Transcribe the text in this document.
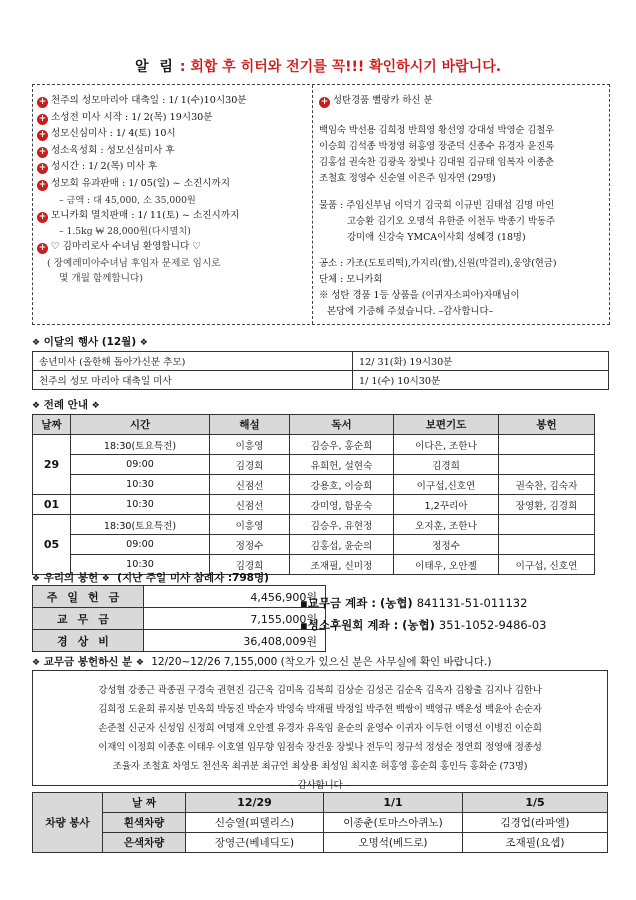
알 림 : 회합 후 히터와 전기를 꼭!!! 확인하시기 바랍니다.
+ 천주의 성모마리아 대축일 : 1/ 1(수)10시30분
+ 소성전 미사 시작 : 1/ 2(목) 19시30분
+ 성모신심미사 : 1/ 4(토) 10시
+ 성소육성회 : 성모신심미사 후
+ 성시간 : 1/ 2(목) 미사 후
+ 성모회 유과판매 : 1/ 05(일) ~ 소진시까지
– 금액 : 대 45,000, 소 35,000원
+ 모니카회 멸치판매 : 1/ 11(토) ~ 소진시까지
– 1.5kg ₩ 28,000원(다시멸치)
+ ♡ 김마리로사 수녀님 환영합니다 ♡
( 장예레미아수녀님 후임자 문제로 임시로
몇 개월 함께합니다)
+ 성탄경품 뻘랑카 하신 분
백임숙 박선용 김희정 반희영 황선영 강대성 박영순 김철우
이승희 김석종 박정영 허홍영 장준덕 신종수 유경자 윤진록
김홍섭 권숙찬 김광욱 장빛나 김대원 김규태 임복자 이종춘
조철효 정영수 신순열 이은주 임자연 (29명)
물품 : 주임신부님 이덕기 김국희 이규빈 김태섭 김명 마인
고승환 김기오 오명석 유한준 이천두 박종기 박동주
강미애 신강숙 YMCA이사회 성혜경 (18명)
공소 : 가조(도토리떡),가지리(쌀),신원(막걸리),웅양(현금)
단체 : 모니카회
※ 성탄 경품 1등 상품을 (이귀자소피아)자매님이
본당에 기증해 주셨습니다. –감사합니다–
❖ 이달의 행사 (12월) ❖
송년미사 (올한해 돌아가신분 추모)	12/ 31(화) 19시30분
천주의 성모 마리아 대축일 미사	1/ 1(수) 10시30분
❖ 전례 안내 ❖
날짜	시간	해설	독서	보편기도	봉헌
29	18:30(토요특전)	이흥영	김승우, 홍순희	이다은, 조한나	
	09:00	김경희	유희헌, 설현숙	김경희	
	10:30	신점선	강용호, 이승희	이구섭,신호연	권숙찬, 김숙자
01	10:30	신점선	강미영, 함운숙	1,2꾸리아	장영환, 김경희
05	18:30(토요특전)	이흥영	김승우, 유현정	오지훈, 조한나	
	09:00	정정수	김홍섭, 윤순의	정정수	
	10:30	김경희	조재필, 신미정	이태우, 오안젤	이구섭, 신호연
❖ 우리의 봉헌 ❖ (지난 주일 미사 참례자 :798명)
주일헌금	4,456,900원
교무금	7,155,000원
경상비	36,408,009원
▪교무금 계좌 : (농협) 841131-51-011132
▪성소후원회 계좌 : (농협) 351-1052-9486-03
❖ 교무금 봉헌하신 분 ❖ 12/20~12/26 7,155,000 (착오가 있으신 분은 사무실에 확인 바랍니다.)
강성협 강종근 곽종권 구경숙 권현진 김근옥 김미옥 김복희 김상순 김성곤 김순옥 김옥자 김왕출 김지나 김한나
김희정 도윤희 류지봉 민옥희 박동진 박순자 박영숙 박재필 박정일 박주현 백쌍이 백영규 백운성 백윤아 손순자
손준철 신군자 신성임 신정희 여명재 오안젤 유경자 유옥임 윤순의 윤영수 이귀자 이두헌 이명선 이병진 이순희
이재익 이정희 이종훈 이태우 이호열 임무향 임점숙 장건웅 장빛나 전두익 정규석 정성순 정연희 정영애 정종성
조율자 조철효 차영도 천선옥 최귀분 최규언 최상용 최성임 최지훈 허홍영 홍순희 홍인득 홍화순 (73명)
– 감사합니다 –
차량 봉사	날 짜	12/29	1/1	1/5
	흰색차량	신승열(피델리스)	이종춘(토마스아퀴노)	김경업(라파엘)
	은색차량	장영근(베네딕도)	오명석(베드로)	조재필(요셉)
